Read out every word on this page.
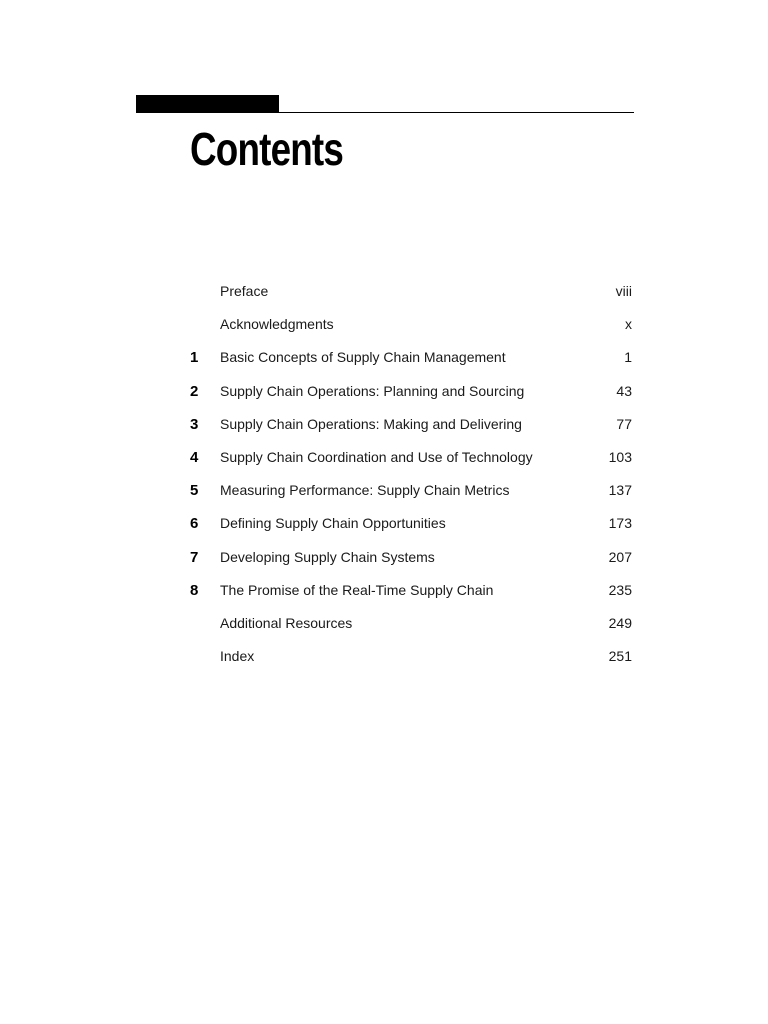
Contents
Preface	viii
Acknowledgments	x
1	Basic Concepts of Supply Chain Management	1
2	Supply Chain Operations: Planning and Sourcing	43
3	Supply Chain Operations: Making and Delivering	77
4	Supply Chain Coordination and Use of Technology	103
5	Measuring Performance: Supply Chain Metrics	137
6	Defining Supply Chain Opportunities	173
7	Developing Supply Chain Systems	207
8	The Promise of the Real-Time Supply Chain	235
Additional Resources	249
Index	251
